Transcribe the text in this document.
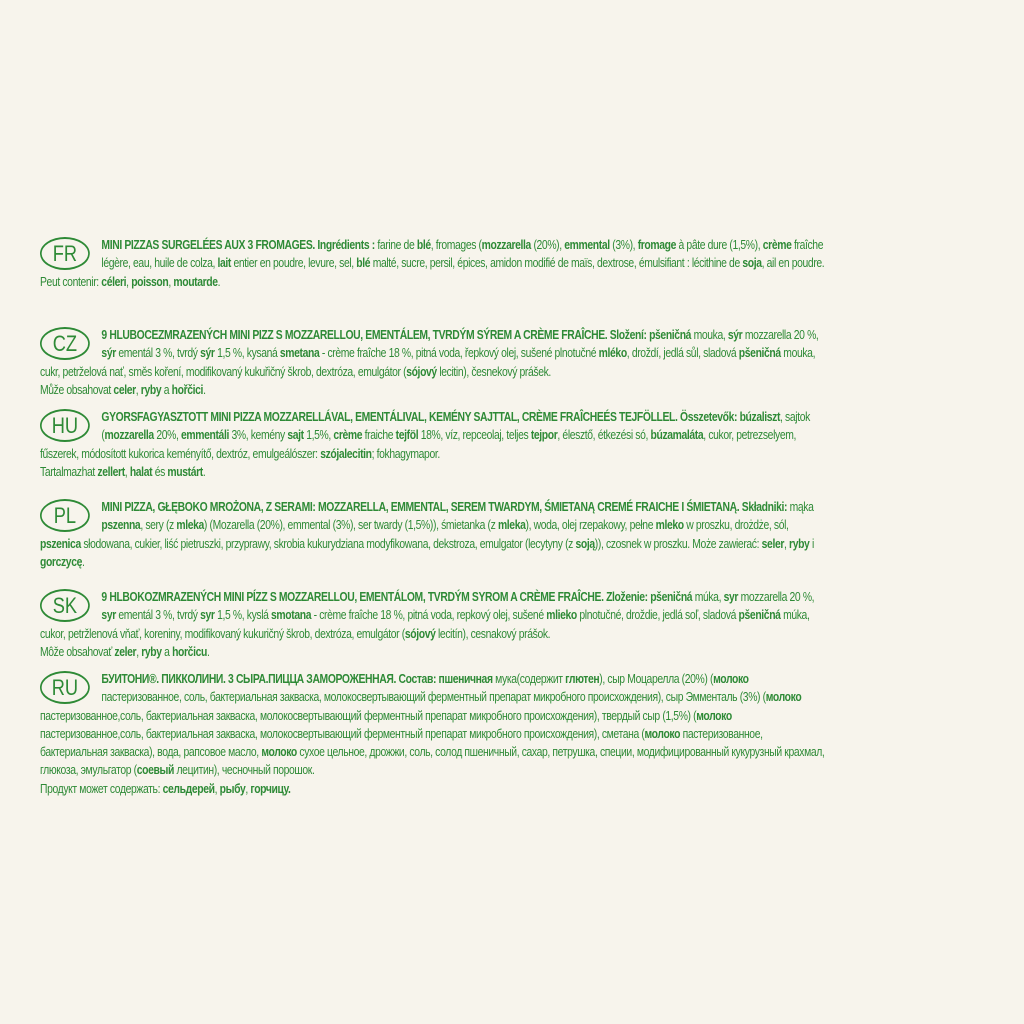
FR	MINI PIZZAS SURGELÉES AUX 3 FROMAGES. Ingrédients : farine de blé, fromages (mozzarella (20%), emmental (3%), fromage à pâte dure (1,5%), crème fraîche légère, eau, huile de colza, lait entier en poudre, levure, sel, blé malté, sucre, persil, épices, amidon modifié de maïs, dextrose, émulsifiant : lécithine de soja, ail en poudre.

Peut contenir: céleri, poisson, moutarde.

CZ	9 HLUBOCEZMRAZENÝCH MINI PIZZ S MOZZARELLOU, EMENTÁLEM, TVRDÝM SÝREM A CRÈME FRAÎCHE. Složení: pšeničná mouka, sýr mozzarella 20 %, sýr ementál 3 %, tvrdý sýr 1,5 %, kysaná smetana - crème fraîche 18 %, pitná voda, řepkový olej, sušené plnotučné mléko, droždí, jedlá sůl, sladová pšeničná mouka, cukr, petrželová nať, směs koření, modifikovaný kukuřičný škrob, dextróza, emulgátor (sójový lecitin), česnekový prášek.

Může obsahovat celer, ryby a hořčici.

HU	GYORSFAGYASZTOTT MINI PIZZA MOZZARELLÁVAL, EMENTÁLIVAL, KEMÉNY SAJTTAL, CRÈME FRAÎCHEÉS TEJFÖLLEL. Összetevők: búzaliszt, sajtok (mozzarella 20%, emmentáli 3%, kemény sajt 1,5%, crème fraiche tejföl 18%, víz, repceolaj, teljes tejpor, élesztő, étkezési só, búzamaláta, cukor, petrezselyem, fűszerek, módosított kukorica keményítő, dextróz, emulgeálószer: szójalecitin; fokhagymapor.

Tartalmazhat zellert, halat és mustárt.

PL	MINI PIZZA, GŁĘBOKO MROŻONA, Z SERAMI: MOZZARELLA, EMMENTAL, SEREM TWARDYM, ŚMIETANĄ CREMÉ FRAICHE I ŚMIETANĄ. Składniki: mąka pszenna, sery (z mleka) (Mozarella (20%), emmental (3%), ser twardy (1,5%)), śmietanka (z mleka), woda, olej rzepakowy, pełne mleko w proszku, drożdże, sól, pszenica słodowana, cukier, liść pietruszki, przyprawy, skrobia kukurydziana modyfikowana, dekstroza, emulgator (lecytyny (z soją)), czosnek w proszku. Może zawierać: seler, ryby i gorczycę.

SK	9 HLBOKOZMRAZENÝCH MINI PÍZZ S MOZZARELLOU, EMENTÁLOM, TVRDÝM SYROM A CRÈME FRAÎCHE. Zloženie: pšeničná múka, syr mozzarella 20 %, syr ementál 3 %, tvrdý syr 1,5 %, kyslá smotana - crème fraîche 18 %, pitná voda, repkový olej, sušené mlieko plnotučné, droždie, jedlá soľ, sladová pšeničná múka, cukor, petržlenová vňať, koreniny, modifikovaný kukuričný škrob, dextróza, emulgátor (sójový lecitín), cesnakový prášok.

Môže obsahovať zeler, ryby a horčicu.

RU	БУИТОНИ®. ПИККОЛИНИ. 3 СЫРА.ПИЦЦА ЗАМОРОЖЕННАЯ. Состав: пшеничная мука(содержит глютен), сыр Моцарелла (20%) (молоко пастеризованное, соль, бактериальная закваска, молокосвертывающий ферментный препарат микробного происхождения), сыр Эмменталь (3%) (молоко пастеризованное,соль, бактериальная закваска, молокосвертывающий ферментный препарат микробного происхождения), твердый сыр (1,5%) (молоко пастеризованное,соль, бактериальная закваска, молокосвертывающий ферментный препарат микробного происхождения), сметана (молоко пастеризованное, бактериальная закваска), вода, рапсовое масло, молоко сухое цельное, дрожжи, соль, солод пшеничный, сахар, петрушка, специи, модифицированный кукурузный крахмал, глюкоза, эмульгатор (соевый лецитин), чесночный порошок.

Продукт может содержать: сельдерей, рыбу, горчицу.
